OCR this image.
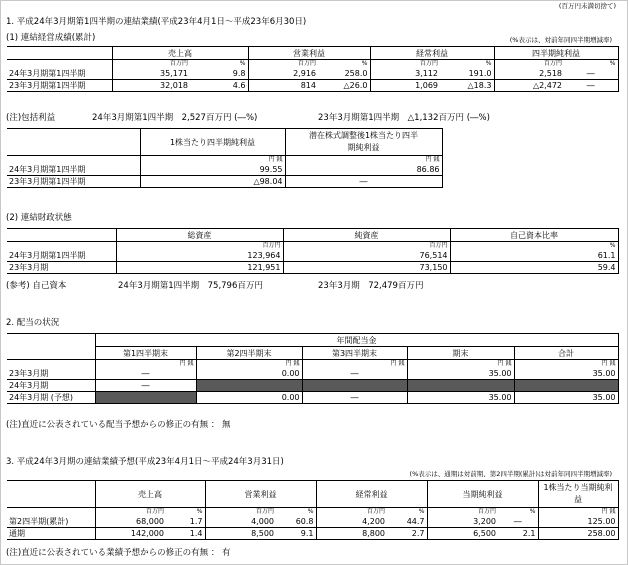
(百万円未満切捨て)
1. 平成24年3月期第1四半期の連結業績(平成23年4月1日～平成23年6月30日)
(1) 連結経営成績(累計)	(%表示は、対前年同四半期増減率)
	売上高		営業利益		経常利益		四半期純利益	
	百万円	%	百万円	%	百万円	%	百万円	%
24年3月期第1四半期	35,171	9.8	2,916	258.0	3,112	191.0	2,518	―
23年3月期第1四半期	32,018	4.6	814	△26.0	1,069	△18.3	△2,472	―
(注)包括利益	24年3月期第1四半期　2,527百万円 (―%)	23年3月期第1四半期　△1,132百万円 (―%)
	1株当たり四半期純利益	潜在株式調整後1株当たり四半期純利益
	円 銭	円 銭
24年3月期第1四半期	99.55	86.86
23年3月期第1四半期	△98.04	―
(2) 連結財政状態
	総資産	純資産	自己資本比率
	百万円	百万円	%
24年3月期第1四半期	123,964	76,514	61.1
23年3月期	121,951	73,150	59.4
(参考) 自己資本	24年3月期第1四半期　75,796百万円	23年3月期　72,479百万円
2. 配当の状況
	年間配当金				
	第1四半期末	第2四半期末	第3四半期末	期末	合計
	円 銭	円 銭	円 銭	円 銭	円 銭
23年3月期	―	0.00	―	35.00	35.00
24年3月期	―				
24年3月期 (予想)		0.00	―	35.00	35.00
(注)直近に公表されている配当予想からの修正の有無 ： 無
3. 平成24年3月期の連結業績予想(平成23年4月1日～平成24年3月31日)
(%表示は、通期は対前期、第2四半期(累計)は対前年同四半期増減率)
	売上高		営業利益		経常利益		当期純利益		1株当たり当期純利益
	百万円	%	百万円	%	百万円	%	百万円	%	円 銭
第2四半期(累計)	68,000	1.7	4,000	60.8	4,200	44.7	3,200	―	125.00
通期	142,000	1.4	8,500	9.1	8,800	2.7	6,500	2.1	258.00
(注)直近に公表されている業績予想からの修正の有無 ： 有
